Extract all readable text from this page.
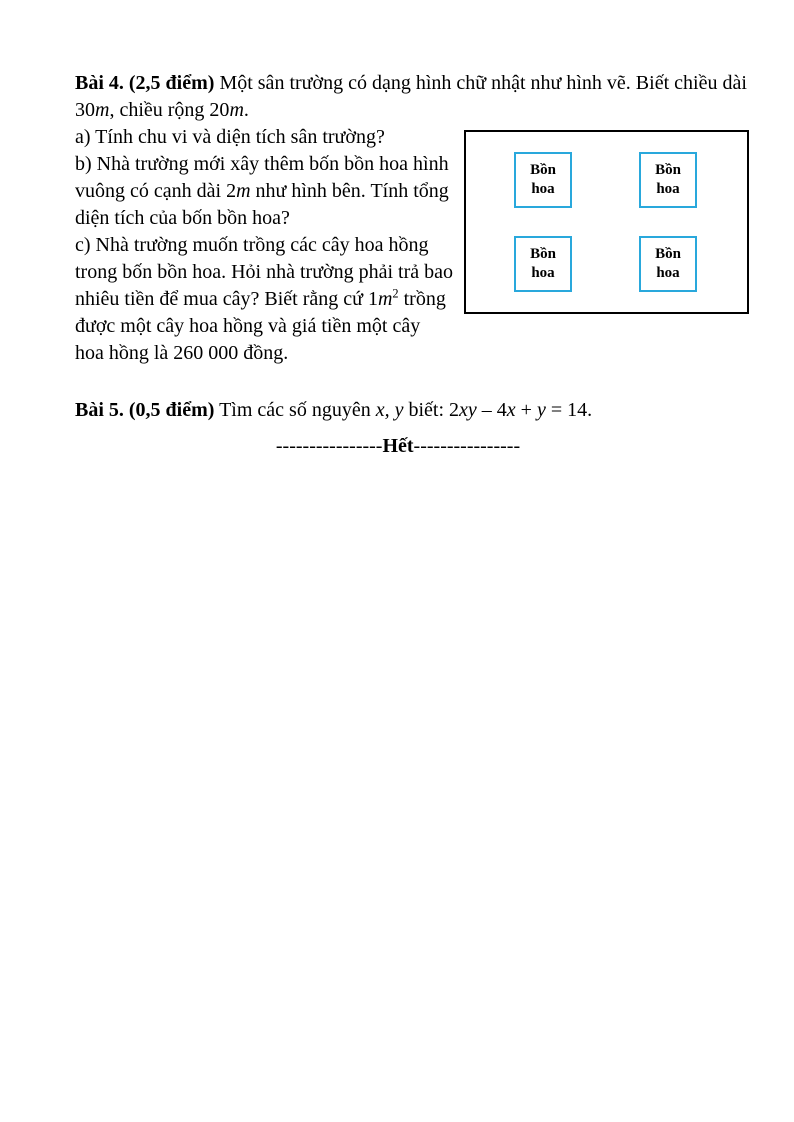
Bài 4. (2,5 điểm) Một sân trường có dạng hình chữ nhật như hình vẽ. Biết chiều dài 30m, chiều rộng 20m.

Bồn
hoa
Bồn
hoa
Bồn
hoa
Bồn
hoa

a) Tính chu vi và diện tích sân trường?

b) Nhà trường mới xây thêm bốn bồn hoa hình vuông có cạnh dài 2m như hình bên. Tính tổng diện tích của bốn bồn hoa?

c) Nhà trường muốn trồng các cây hoa hồng trong bốn bồn hoa. Hỏi nhà trường phải trả bao nhiêu tiền để mua cây? Biết rằng cứ $1m^2$ trồng được một cây hoa hồng và giá tiền một cây hoa hồng là 260 000 đồng.

Bài 5. (0,5 điểm) Tìm các số nguyên x, y biết: 2xy – 4x + y = 14.

----------------Hết----------------
